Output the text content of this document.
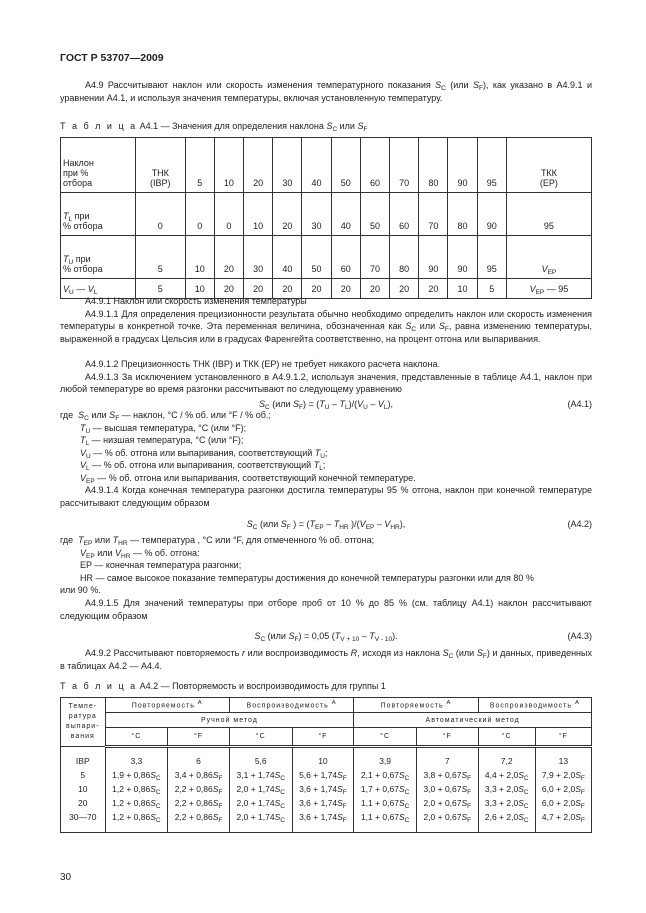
ГОСТ Р 53707—2009
А4.9 Рассчитывают наклон или скорость изменения температурного показания $S_C$ (или $S_F$), как указано в А4.9.1 и уравнении А4.1, и используя значения температуры, включая установленную температуру.
Т а б л и ц а А4.1 — Значения для определения наклона $S_C$ или $S_F$
Наклон
при %
отбора	ТНК
(IBP)	5	10	20	30	40	50	60	70	80	90	95	ТКК
(EP)
$T_L$ при
% отбора	0	0	0	10	20	30	40	50	60	70	80	90	95
$T_U$ при
% отбора	5	10	20	30	40	50	60	70	80	90	90	95	$V_{EP}$
$V_U$ — $V_L$	5	10	20	20	20	20	20	20	20	20	10	5	$V_{EP}$ — 95
А4.9.1 Наклон или скорость изменения температуры
А4.9.1.1 Для определения прецизионности результата обычно необходимо определить наклон или скорость изменения температуры в конкретной точке. Эта переменная величина, обозначенная как $S_C$ или $S_F$, равна изменению температуры, выраженной в градусах Цельсия или в градусах Фаренгейта соответственно, на процент отгона или выпаривания.
А4.9.1.2 Прецизионность ТНК (IBP) и ТКК (EP) не требует никакого расчета наклона.
А4.9.1.3 За исключением установленного в А4.9.1.2, используя значения, представленные в таблице А4.1, наклон при любой температуре во время разгонки рассчитывают по следующему уравнению
$S_C$ (или $S_F) = (T_U - T_L)/(V_U - V_L)$,	(А4.1)
где  $S_C$ или $S_F$ — наклон, °С / % об. или °F / % об.;
$T_U$ — высшая температура, °С (или °F);
$T_L$ — низшая температура, °С (или °F);
$V_U$ — % об. отгона или выпаривания, соответствующий $T_U$;
$V_L$ — % об. отгона или выпаривания, соответствующий $T_L$;
$V_{EP}$ — % об. отгона или выпаривания, соответствующий конечной температуре.
А4.9.1.4 Когда конечная температура разгонки достигла температуры 95 % отгона, наклон при конечной температуре рассчитывают следующим образом
$S_C$ (или $S_F$ ) = ($T_{EP} - T_{HR}$ )$/(V_{EP} - V_{HR})$,	(А4.2)
где  $T_{EP}$ или $T_{HR}$ — температура , °С или °F, для отмеченного % об. отгона;
$V_{EP}$ или $V_{HR}$ — % об. отгона:
EP — конечная температура разгонки;
HR — самое высокое показание температуры достижения до конечной температуры разгонки или для 80 %
или 90 %.
А4.9.1.5 Для значений температуры при отборе проб от 10 % до 85 % (см. таблицу А4.1) наклон рассчитывают следующим образом
$S_C$ (или $S_F) = 0,05$ $(T_{V + 10} - T_{V - 10})$.	(А4.3)
А4.9.2 Рассчитывают повторяемость r или воспроизводимость R, исходя из наклона $S_C$ (или $S_F$) и данных, приведенных в таблицах А4.2 — А4.4.
Т а б л и ц а А4.2 — Повторяемость и воспроизводимость для группы 1
Темпе-
ратура
выпари-
вания	Повторяемость $^А$		Воспроизводимость $^А$		Повторяемость $^А$		Воспроизводимость $^А$
	Ручной метод				Автоматический метод			
	°С	°F	°С	°F	°С	°F	°С	°F
IBP	3,3	6	5,6	10	3,9	7	7,2	13
5	$1,9 + 0,86S_C$	$3,4 + 0,86S_F$	$3,1 + 1,74S_C$	$5,6 + 1,74S_F$	$2,1 + 0,67S_C$	$3,8 + 0,67S_F$	$4,4 + 2,0S_C$	$7,9 + 2,0S_F$
10	$1,2 + 0,86S_C$	$2,2 + 0,86S_F$	$2,0 + 1,74S_C$	$3,6 + 1,74S_F$	$1,7 + 0,67S_C$	$3,0 + 0,67S_F$	$3,3 + 2,0S_C$	$6,0 + 2,0S_F$
20	$1,2 + 0,86S_C$	$2,2 + 0,86S_F$	$2,0 + 1,74S_C$	$3,6 + 1,74S_F$	$1,1 + 0,67S_C$	$2,0 + 0,67S_F$	$3,3 + 2,0S_C$	$6,0 + 2,0S_F$
30—70	$1,2 + 0,86S_C$	$2,2 + 0,86S_F$	$2,0 + 1,74S_C$	$3,6 + 1,74S_F$	$1,1 + 0,67S_C$	$2,0 + 0,67S_F$	$2,6 + 2,0S_C$	$4,7 + 2,0S_F$
30
